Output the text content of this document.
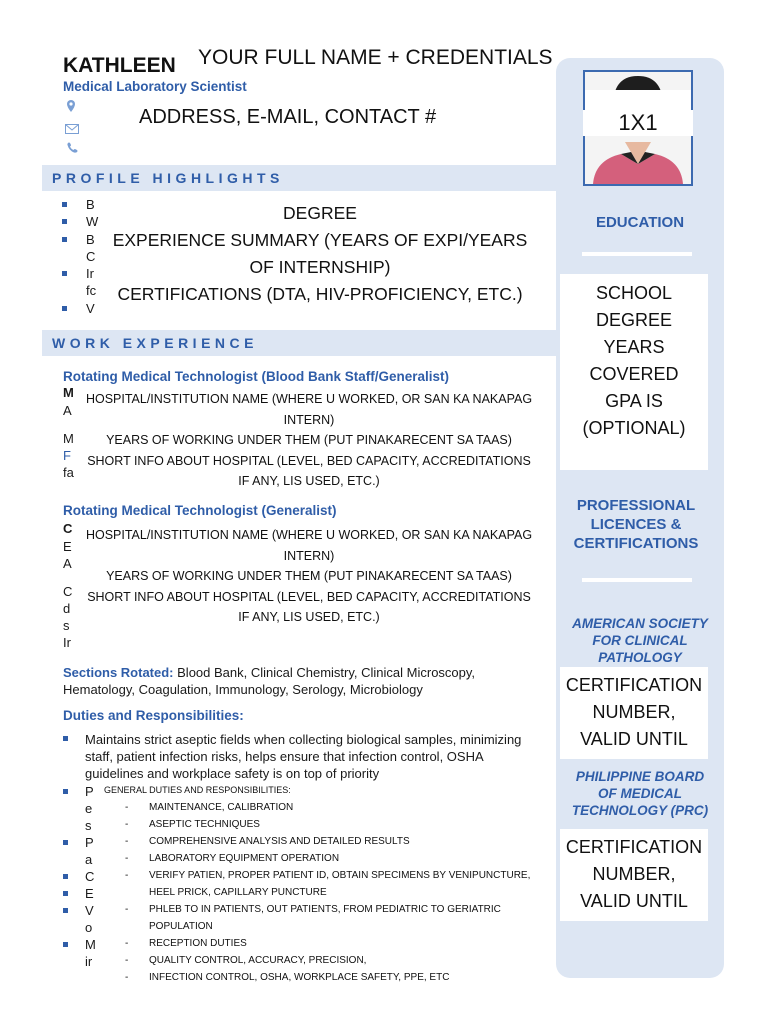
1X1
EDUCATION
SCHOOL
DEGREE
YEARS
COVERED
GPA IS
(OPTIONAL)
PROFESSIONAL LICENCES & CERTIFICATIONS
AMERICAN SOCIETY FOR CLINICAL PATHOLOGY
CERTIFICATION
NUMBER,
VALID UNTIL
PHILIPPINE BOARD OF MEDICAL TECHNOLOGY (PRC)
CERTIFICATION
NUMBER,
VALID UNTIL
KATHLEEN YOUR FULL NAME + CREDENTIALS
Medical Laboratory Scientist
ADDRESS, E-MAIL, CONTACT #
PROFILE HIGHLIGHTS
B
W
B
C
Ir
fc
V
DEGREE
EXPERIENCE SUMMARY (YEARS OF EXPI/YEARS OF INTERNSHIP)
CERTIFICATIONS (DTA, HIV-PROFICIENCY, ETC.)
WORK EXPERIENCE
Rotating Medical Technologist (Blood Bank Staff/Generalist)
M
A
M
F
fa
HOSPITAL/INSTITUTION NAME (WHERE U WORKED, OR SAN KA NAKAPAG INTERN)
YEARS OF WORKING UNDER THEM (PUT PINAKARECENT SA TAAS)
SHORT INFO ABOUT HOSPITAL (LEVEL, BED CAPACITY, ACCREDITATIONS IF ANY, LIS USED, ETC.)
Rotating Medical Technologist (Generalist)
C
E
A
C
d
s
Ir
HOSPITAL/INSTITUTION NAME (WHERE U WORKED, OR SAN KA NAKAPAG INTERN)
YEARS OF WORKING UNDER THEM (PUT PINAKARECENT SA TAAS)
SHORT INFO ABOUT HOSPITAL (LEVEL, BED CAPACITY, ACCREDITATIONS IF ANY, LIS USED, ETC.)
Sections Rotated: Blood Bank, Clinical Chemistry, Clinical Microscopy,
Hematology, Coagulation, Immunology, Serology, Microbiology
Duties and Responsibilities:
Maintains strict aseptic fields when collecting biological samples, minimizing
staff, patient infection risks, helps ensure that infection control, OSHA
guidelines and workplace safety is on top of priority
P
e
s
P
a
C
E
V
o
M
ir
GENERAL DUTIES AND RESPONSIBILITIES:
- MAINTENANCE, CALIBRATION
- ASEPTIC TECHNIQUES
- COMPREHENSIVE ANALYSIS AND DETAILED RESULTS
- LABORATORY EQUIPMENT OPERATION
- VERIFY PATIEN, PROPER PATIENT ID, OBTAIN SPECIMENS BY VENIPUNCTURE,
HEEL PRICK, CAPILLARY PUNCTURE
- PHLEB TO IN PATIENTS, OUT PATIENTS, FROM PEDIATRIC TO GERIATRIC
POPULATION
- RECEPTION DUTIES
- QUALITY CONTROL, ACCURACY, PRECISION,
- INFECTION CONTROL, OSHA, WORKPLACE SAFETY, PPE, ETC
